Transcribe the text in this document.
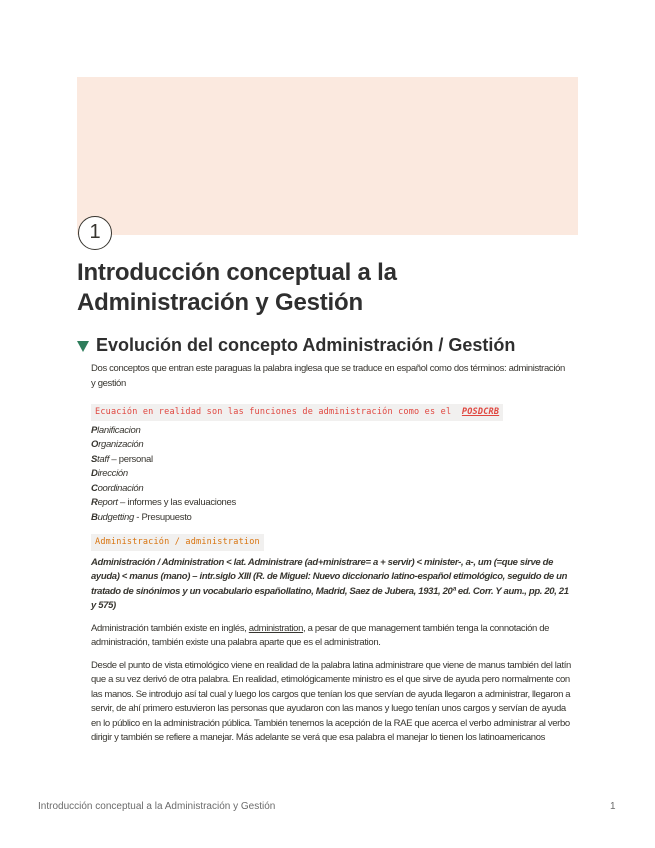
1
Introducción conceptual a la Administración y Gestión
Evolución del concepto Administración / Gestión

Dos conceptos que entran este paraguas la palabra inglesa que se traduce en español como dos términos: administración y gestión

Ecuación en realidad son las funciones de administración como es el POSDCRB

Planificacion

Organización

Staff – personal

Dirección

Coordinación

Report – informes y las evaluaciones

Budgetting - Presupuesto

Administración / administration

Administración / Administration < lat. Administrare (ad+ministrare= a + servir) < minister-, a-, um (=que sirve de ayuda) < manus (mano) – intr.siglo XIII (R. de Miguel: Nuevo diccionario latino-español etimológico, seguido de un tratado de sinónimos y un vocabulario españollatino, Madrid, Saez de Jubera, 1931, 20ª ed. Corr. Y aum., pp. 20, 21 y 575)

Administración también existe en inglés, administration, a pesar de que management también tenga la connotación de administración, también existe una palabra aparte que es el administration.

Desde el punto de vista etimológico viene en realidad de la palabra latina administrare que viene de manus también del latín que a su vez derivó de otra palabra. En realidad, etimológicamente ministro es el que sirve de ayuda pero normalmente con las manos. Se introdujo así tal cual y luego los cargos que tenían los que servían de ayuda llegaron a administrar, llegaron a servir, de ahí primero estuvieron las personas que ayudaron con las manos y luego tenían unos cargos y servían de ayuda en lo público en la administración pública. También tenemos la acepción de la RAE que acerca el verbo administrar al verbo dirigir y también se refiere a manejar. Más adelante se verá que esa palabra el manejar lo tienen los latinoamericanos

Introducción conceptual a la Administración y Gestión	1
